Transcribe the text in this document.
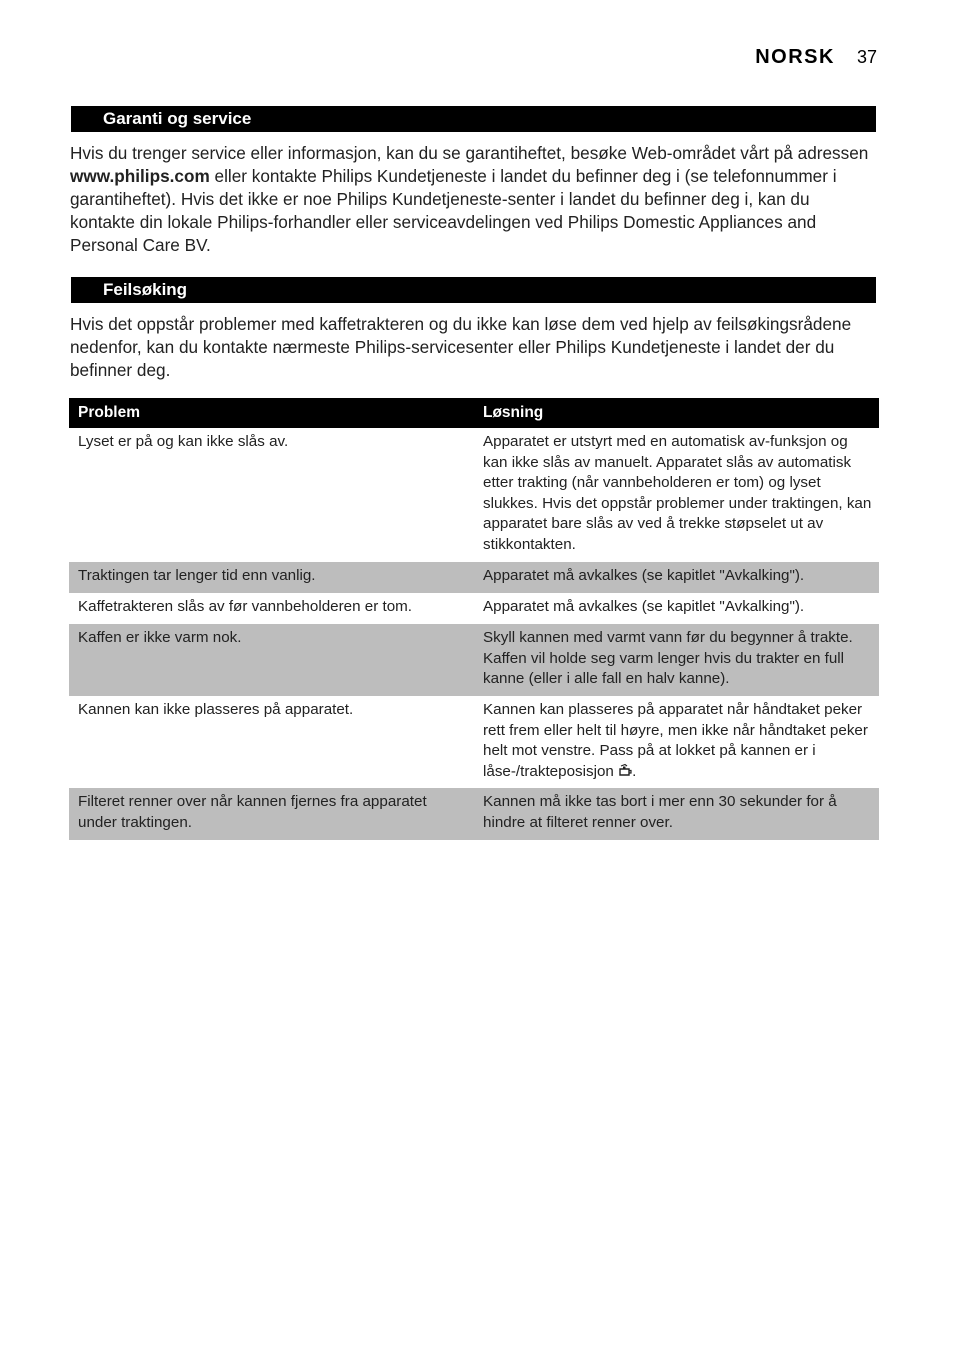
NORSK 37
Garanti og service

Hvis du trenger service eller informasjon, kan du se garantiheftet, besøke Web-området vårt på adressen www.philips.com eller kontakte Philips Kundetjeneste i landet du befinner deg i (se telefonnummer i garantiheftet). Hvis det ikke er noe Philips Kundetjeneste-senter i landet du befinner deg i, kan du kontakte din lokale Philips-forhandler eller serviceavdelingen ved Philips Domestic Appliances and Personal Care BV.

Feilsøking

Hvis det oppstår problemer med kaffetrakteren og du ikke kan løse dem ved hjelp av feilsøkingsrådene nedenfor, kan du kontakte nærmeste Philips-servicesenter eller Philips Kundetjeneste i landet der du befinner deg.

Problem	Løsning
Lyset er på og kan ikke slås av.	Apparatet er utstyrt med en automatisk av-funksjon og kan ikke slås av manuelt. Apparatet slås av automatisk etter trakting (når vannbeholderen er tom) og lyset slukkes. Hvis det oppstår problemer under traktingen, kan apparatet bare slås av ved å trekke støpselet ut av stikkontakten.
Traktingen tar lenger tid enn vanlig.	Apparatet må avkalkes (se kapitlet "Avkalking").
Kaffetrakteren slås av før vannbeholderen er tom.	Apparatet må avkalkes (se kapitlet "Avkalking").
Kaffen er ikke varm nok.	Skyll kannen med varmt vann før du begynner å trakte. Kaffen vil holde seg varm lenger hvis du trakter en full kanne (eller i alle fall en halv kanne).
Kannen kan ikke plasseres på apparatet.	Kannen kan plasseres på apparatet når håndtaket peker rett frem eller helt til høyre, men ikke når håndtaket peker helt mot venstre. Pass på at lokket på kannen er i låse-/trakteposisjon .
Filteret renner over når kannen fjernes fra apparatet under traktingen.	Kannen må ikke tas bort i mer enn 30 sekunder for å hindre at filteret renner over.
